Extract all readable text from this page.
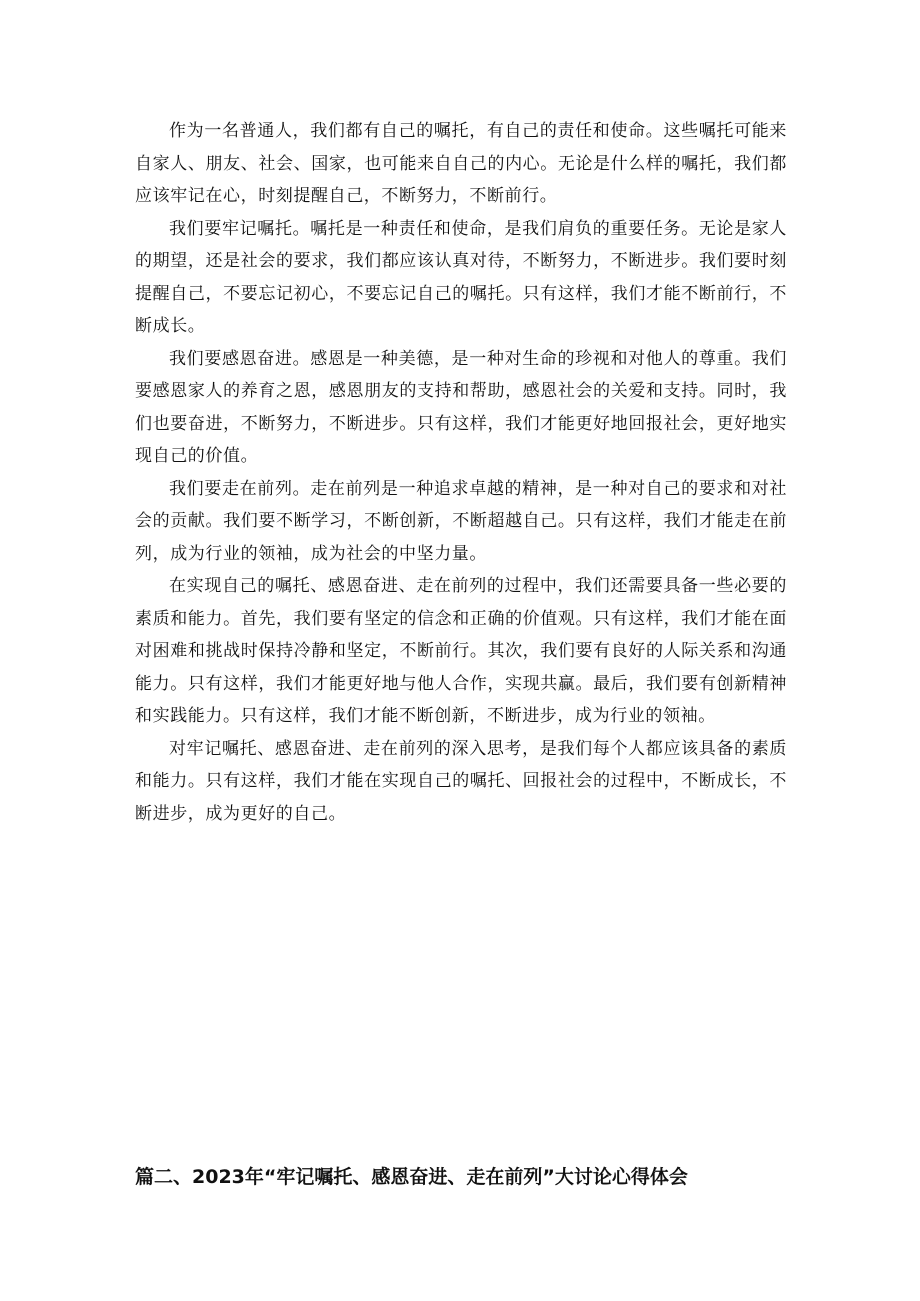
作为一名普通人，我们都有自己的嘱托，有自己的责任和使命。这些嘱托可能来自家人、朋友、社会、国家，也可能来自自己的内心。无论是什么样的嘱托，我们都应该牢记在心，时刻提醒自己，不断努力，不断前行。

我们要牢记嘱托。嘱托是一种责任和使命，是我们肩负的重要任务。无论是家人的期望，还是社会的要求，我们都应该认真对待，不断努力，不断进步。我们要时刻提醒自己，不要忘记初心，不要忘记自己的嘱托。只有这样，我们才能不断前行，不断成长。

我们要感恩奋进。感恩是一种美德，是一种对生命的珍视和对他人的尊重。我们要感恩家人的养育之恩，感恩朋友的支持和帮助，感恩社会的关爱和支持。同时，我们也要奋进，不断努力，不断进步。只有这样，我们才能更好地回报社会，更好地实现自己的价值。

我们要走在前列。走在前列是一种追求卓越的精神，是一种对自己的要求和对社会的贡献。我们要不断学习，不断创新，不断超越自己。只有这样，我们才能走在前列，成为行业的领袖，成为社会的中坚力量。

在实现自己的嘱托、感恩奋进、走在前列的过程中，我们还需要具备一些必要的素质和能力。首先，我们要有坚定的信念和正确的价值观。只有这样，我们才能在面对困难和挑战时保持冷静和坚定，不断前行。其次，我们要有良好的人际关系和沟通能力。只有这样，我们才能更好地与他人合作，实现共赢。最后，我们要有创新精神和实践能力。只有这样，我们才能不断创新，不断进步，成为行业的领袖。

对牢记嘱托、感恩奋进、走在前列的深入思考，是我们每个人都应该具备的素质和能力。只有这样，我们才能在实现自己的嘱托、回报社会的过程中，不断成长，不断进步，成为更好的自己。

篇二、2023年“牢记嘱托、感恩奋进、走在前列”大讨论心得体会
